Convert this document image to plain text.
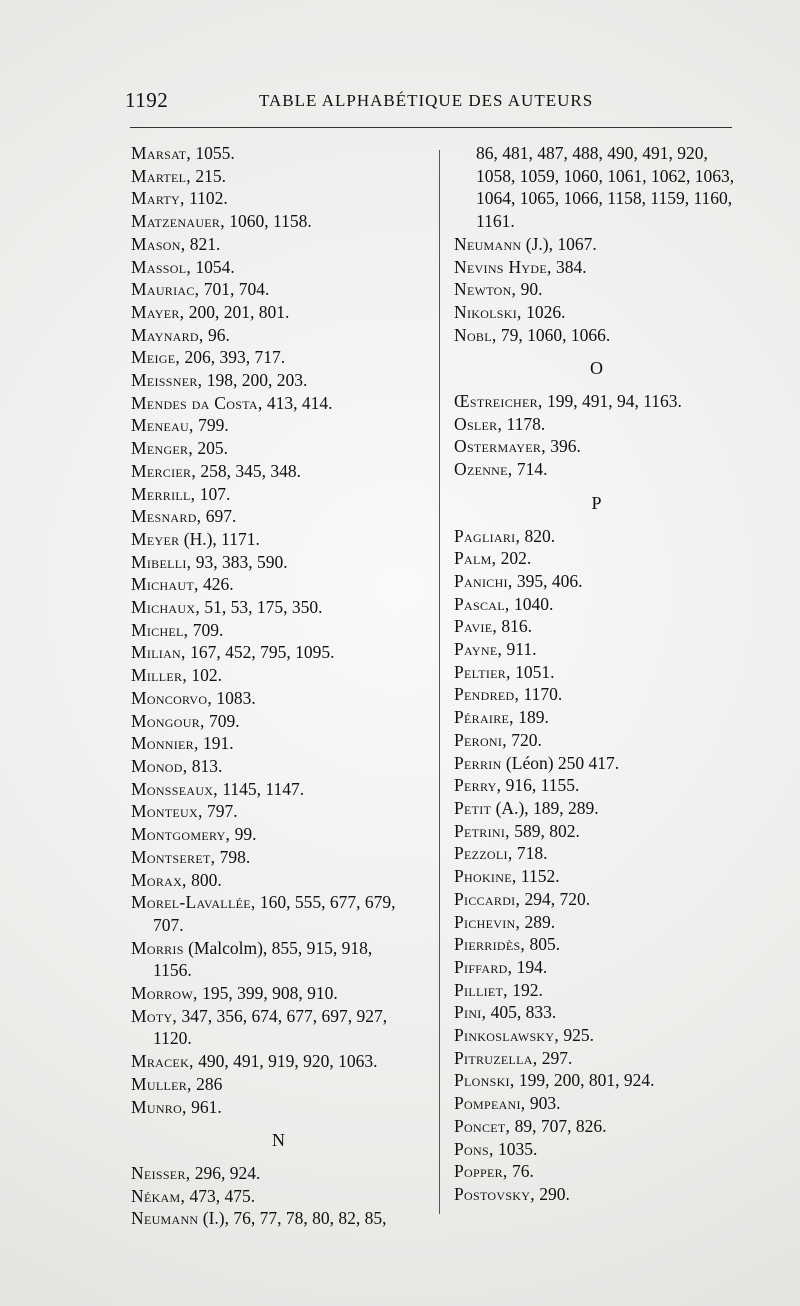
1192	TABLE ALPHABÉTIQUE DES AUTEURS
Marsat, 1055.
Martel, 215.
Marty, 1102.
Matzenauer, 1060, 1158.
Mason, 821.
Massol, 1054.
Mauriac, 701, 704.
Mayer, 200, 201, 801.
Maynard, 96.
Meige, 206, 393, 717.
Meissner, 198, 200, 203.
Mendes da Costa, 413, 414.
Meneau, 799.
Menger, 205.
Mercier, 258, 345, 348.
Merrill, 107.
Mesnard, 697.
Meyer (H.), 1171.
Mibelli, 93, 383, 590.
Michaut, 426.
Michaux, 51, 53, 175, 350.
Michel, 709.
Milian, 167, 452, 795, 1095.
Miller, 102.
Moncorvo, 1083.
Mongour, 709.
Monnier, 191.
Monod, 813.
Monsseaux, 1145, 1147.
Monteux, 797.
Montgomery, 99.
Montseret, 798.
Morax, 800.
Morel-Lavallée, 160, 555, 677, 679,
707.
Morris (Malcolm), 855, 915, 918,
1156.
Morrow, 195, 399, 908, 910.
Moty, 347, 356, 674, 677, 697, 927,
1120.
Mracek, 490, 491, 919, 920, 1063.
Muller, 286
Munro, 961.
N
Neisser, 296, 924.
Nékam, 473, 475.
Neumann (I.), 76, 77, 78, 80, 82, 85,
86, 481, 487, 488, 490, 491, 920,
1058, 1059, 1060, 1061, 1062, 1063,
1064, 1065, 1066, 1158, 1159, 1160,
1161.
Neumann (J.), 1067.
Nevins Hyde, 384.
Newton, 90.
Nikolski, 1026.
Nobl, 79, 1060, 1066.
O
Œstreicher, 199, 491, 94, 1163.
Osler, 1178.
Ostermayer, 396.
Ozenne, 714.
P
Pagliari, 820.
Palm, 202.
Panichi, 395, 406.
Pascal, 1040.
Pavie, 816.
Payne, 911.
Peltier, 1051.
Pendred, 1170.
Péraire, 189.
Peroni, 720.
Perrin (Léon) 250 417.
Perry, 916, 1155.
Petit (A.), 189, 289.
Petrini, 589, 802.
Pezzoli, 718.
Phokine, 1152.
Piccardi, 294, 720.
Pichevin, 289.
Pierridès, 805.
Piffard, 194.
Pilliet, 192.
Pini, 405, 833.
Pinkoslawsky, 925.
Pitruzella, 297.
Plonski, 199, 200, 801, 924.
Pompeani, 903.
Poncet, 89, 707, 826.
Pons, 1035.
Popper, 76.
Postovsky, 290.
